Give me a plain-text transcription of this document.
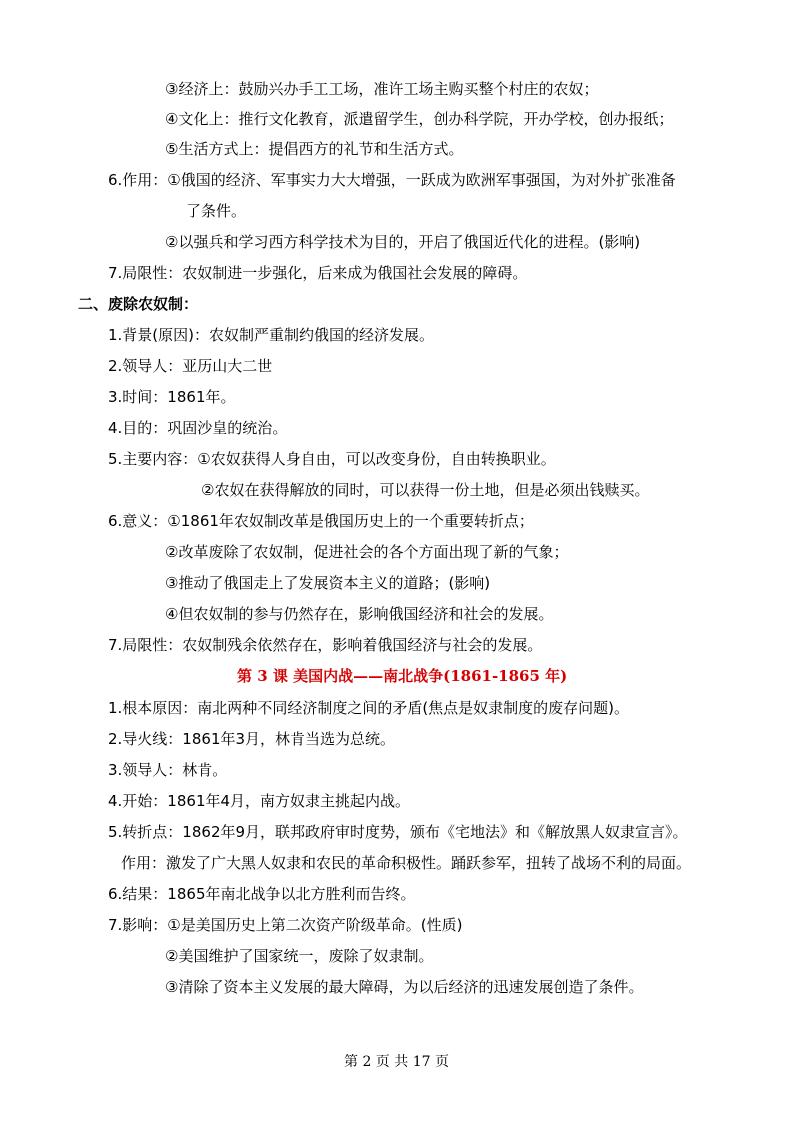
③经济上：鼓励兴办手工工场，准许工场主购买整个村庄的农奴；
④文化上：推行文化教育，派遣留学生，创办科学院，开办学校，创办报纸；
⑤生活方式上：提倡西方的礼节和生活方式。
6.作用：①俄国的经济、军事实力大大增强，一跃成为欧洲军事强国，为对外扩张准备
了条件。
②以强兵和学习西方科学技术为目的，开启了俄国近代化的进程。(影响)
7.局限性：农奴制进一步强化，后来成为俄国社会发展的障碍。
二、废除农奴制：
1.背景(原因)：农奴制严重制约俄国的经济发展。
2.领导人：亚历山大二世
3.时间：1861年。
4.目的：巩固沙皇的统治。
5.主要内容：①农奴获得人身自由，可以改变身份，自由转换职业。
②农奴在获得解放的同时，可以获得一份土地，但是必须出钱赎买。
6.意义：①1861年农奴制改革是俄国历史上的一个重要转折点；
②改革废除了农奴制，促进社会的各个方面出现了新的气象；
③推动了俄国走上了发展资本主义的道路；(影响)
④但农奴制的参与仍然存在，影响俄国经济和社会的发展。
7.局限性：农奴制残余依然存在，影响着俄国经济与社会的发展。
1.根本原因：南北两种不同经济制度之间的矛盾(焦点是奴隶制度的废存问题)。
2.导火线：1861年3月，林肯当选为总统。
3.领导人：林肯。
4.开始：1861年4月，南方奴隶主挑起内战。
5.转折点：1862年9月，联邦政府审时度势，颁布《宅地法》和《解放黑人奴隶宣言》。
作用：激发了广大黑人奴隶和农民的革命积极性。踊跃参军，扭转了战场不利的局面。
6.结果：1865年南北战争以北方胜利而告终。
7.影响：①是美国历史上第二次资产阶级革命。(性质)
②美国维护了国家统一，废除了奴隶制。
③清除了资本主义发展的最大障碍，为以后经济的迅速发展创造了条件。
第 3 课 美国内战——南北战争(1861-1865 年)
第 2 页 共 17 页
